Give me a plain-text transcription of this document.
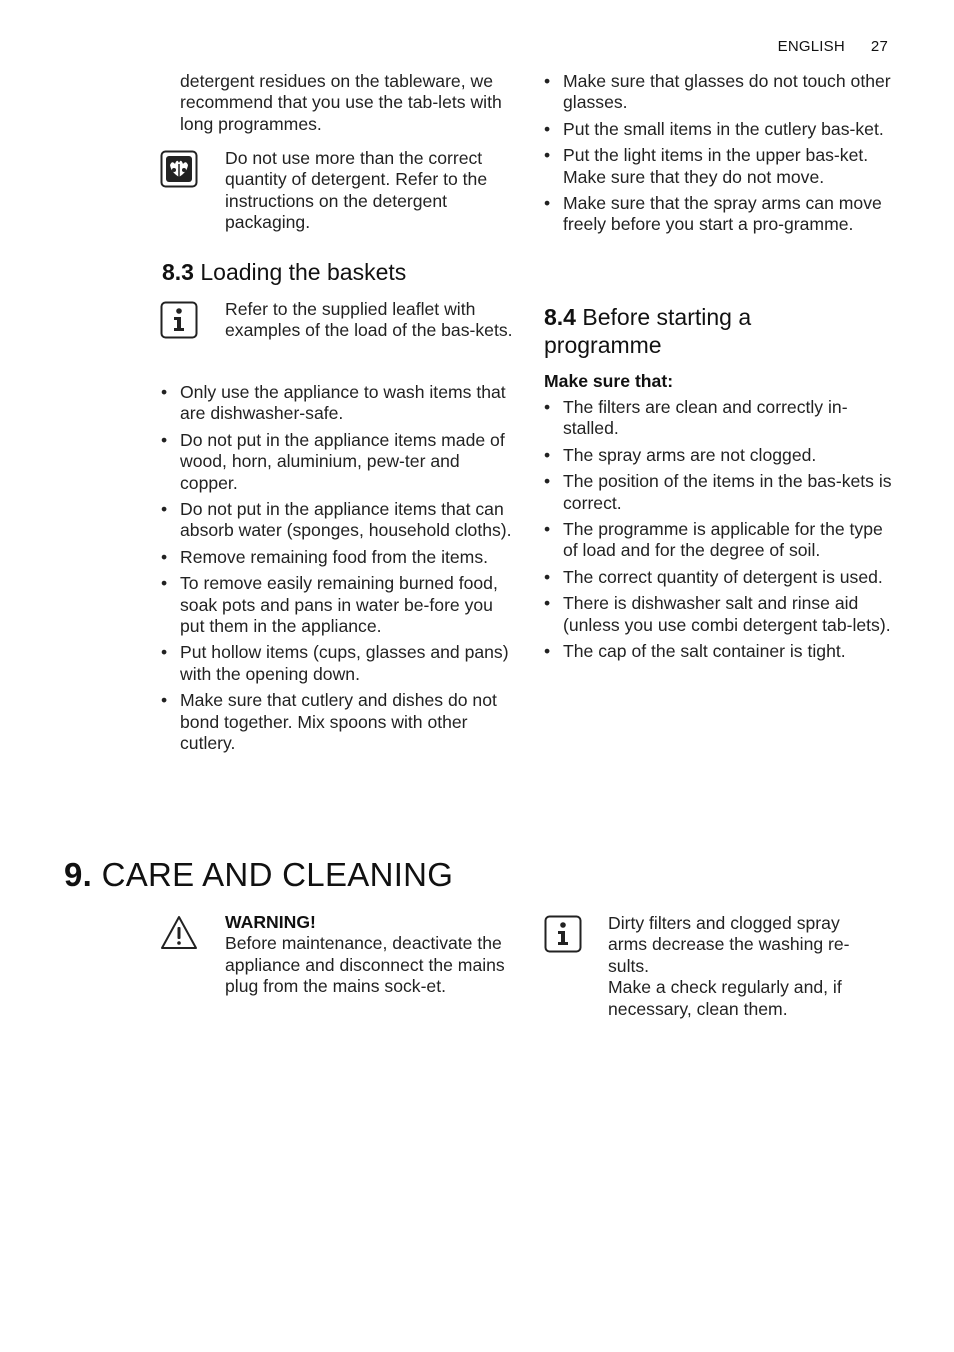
ENGLISH 27

detergent residues on the tableware, we recommend that you use the tab-lets with long programmes.

Do not use more than the correct quantity of detergent. Refer to the instructions on the detergent packaging.

8.3 Loading the baskets

Refer to the supplied leaflet with examples of the load of the bas-kets.

• Only use the appliance to wash items that are dishwasher-safe.
• Do not put in the appliance items made of wood, horn, aluminium, pew-ter and copper.
• Do not put in the appliance items that can absorb water (sponges, household cloths).
• Remove remaining food from the items.
• To remove easily remaining burned food, soak pots and pans in water be-fore you put them in the appliance.
• Put hollow items (cups, glasses and pans) with the opening down.
• Make sure that cutlery and dishes do not bond together. Mix spoons with other cutlery.
• Make sure that glasses do not touch other glasses.
• Put the small items in the cutlery bas-ket.
• Put the light items in the upper bas-ket. Make sure that they do not move.
• Make sure that the spray arms can move freely before you start a pro-gramme.
8.4 Before starting a
programme

Make sure that:

• The filters are clean and correctly in-stalled.
• The spray arms are not clogged.
• The position of the items in the bas-kets is correct.
• The programme is applicable for the type of load and for the degree of soil.
• The correct quantity of detergent is used.
• There is dishwasher salt and rinse aid (unless you use combi detergent tab-lets).
• The cap of the salt container is tight.
9. CARE AND CLEANING

WARNING!

Before maintenance, deactivate the appliance and disconnect the mains plug from the mains sock-et.

Dirty filters and clogged spray arms decrease the washing re-sults.

Make a check regularly and, if necessary, clean them.
